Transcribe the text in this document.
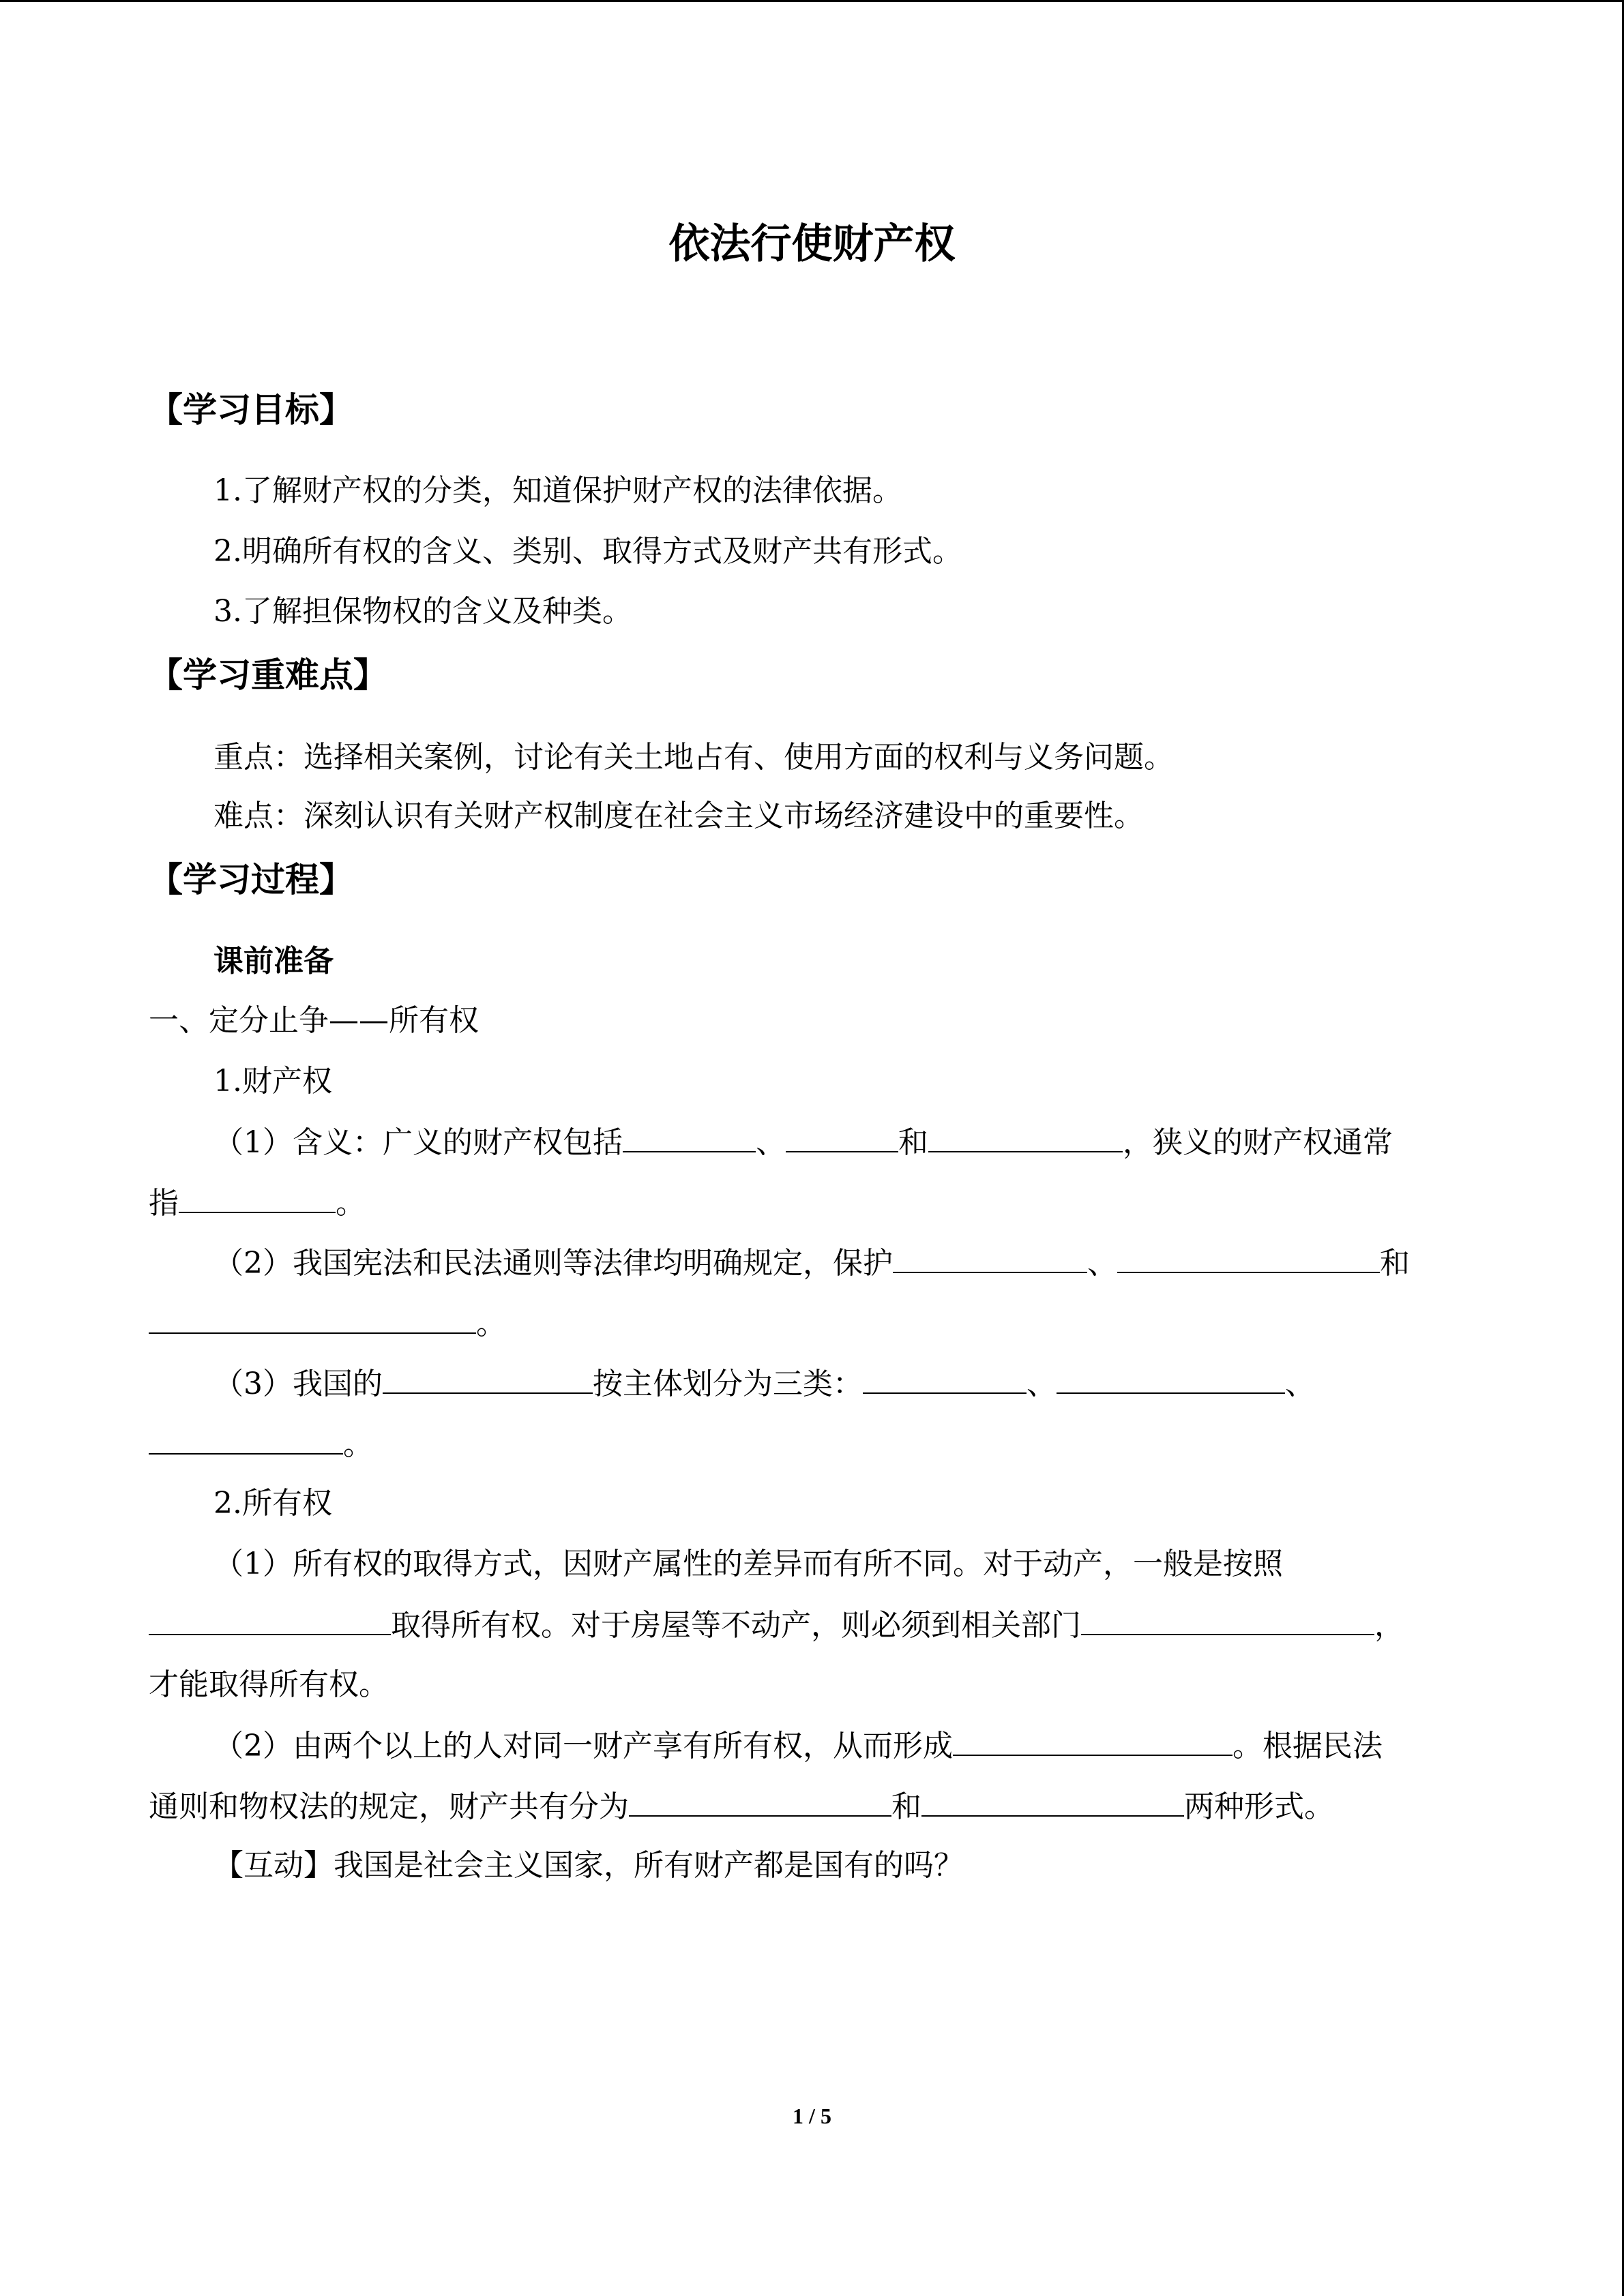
依法行使财产权
【学习目标】
1.了解财产权的分类，知道保护财产权的法律依据。
2.明确所有权的含义、类别、取得方式及财产共有形式。
3.了解担保物权的含义及种类。
【学习重难点】
重点：选择相关案例，讨论有关土地占有、使用方面的权利与义务问题。
难点：深刻认识有关财产权制度在社会主义市场经济建设中的重要性。
【学习过程】
课前准备
一、定分止争——所有权
1.财产权
（1）含义：广义的财产权包括	、	和	，狭义的财产权通常
指	。
（2）我国宪法和民法通则等法律均明确规定，保护	、	和
。
（3）我国的	按主体划分为三类：	、	、
。
2.所有权
（1）所有权的取得方式，因财产属性的差异而有所不同。对于动产，一般是按照
取得所有权。对于房屋等不动产，则必须到相关部门	，
才能取得所有权。
（2）由两个以上的人对同一财产享有所有权，从而形成	。根据民法
通则和物权法的规定，财产共有分为	和	两种形式。
【互动】我国是社会主义国家，所有财产都是国有的吗？
1 / 5
